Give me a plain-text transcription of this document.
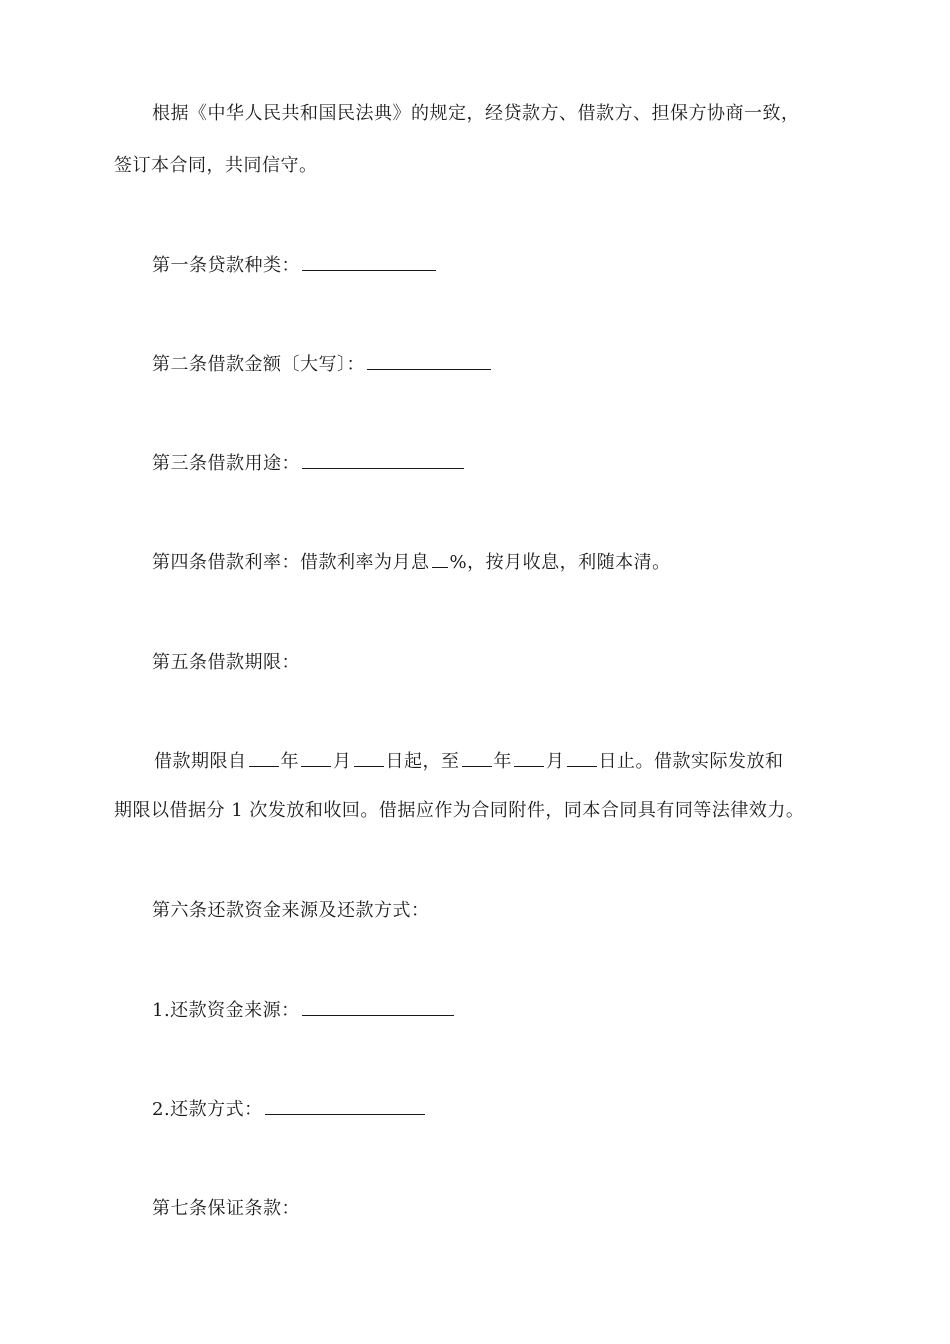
根据《中华人民共和国民法典》的规定，经贷款方、借款方、担保方协商一致，
签订本合同，共同信守。
第一条贷款种类：
第二条借款金额〔大写〕：
第三条借款用途：
第四条借款利率：借款利率为月息 %，按月收息，利随本清。
第五条借款期限：
借款期限自 年 月 日起，至 年 月 日止。借款实际发放和
期限以借据分 1 次发放和收回。借据应作为合同附件，同本合同具有同等法律效力。
第六条还款资金来源及还款方式：
1.还款资金来源：
2.还款方式：
第七条保证条款：
